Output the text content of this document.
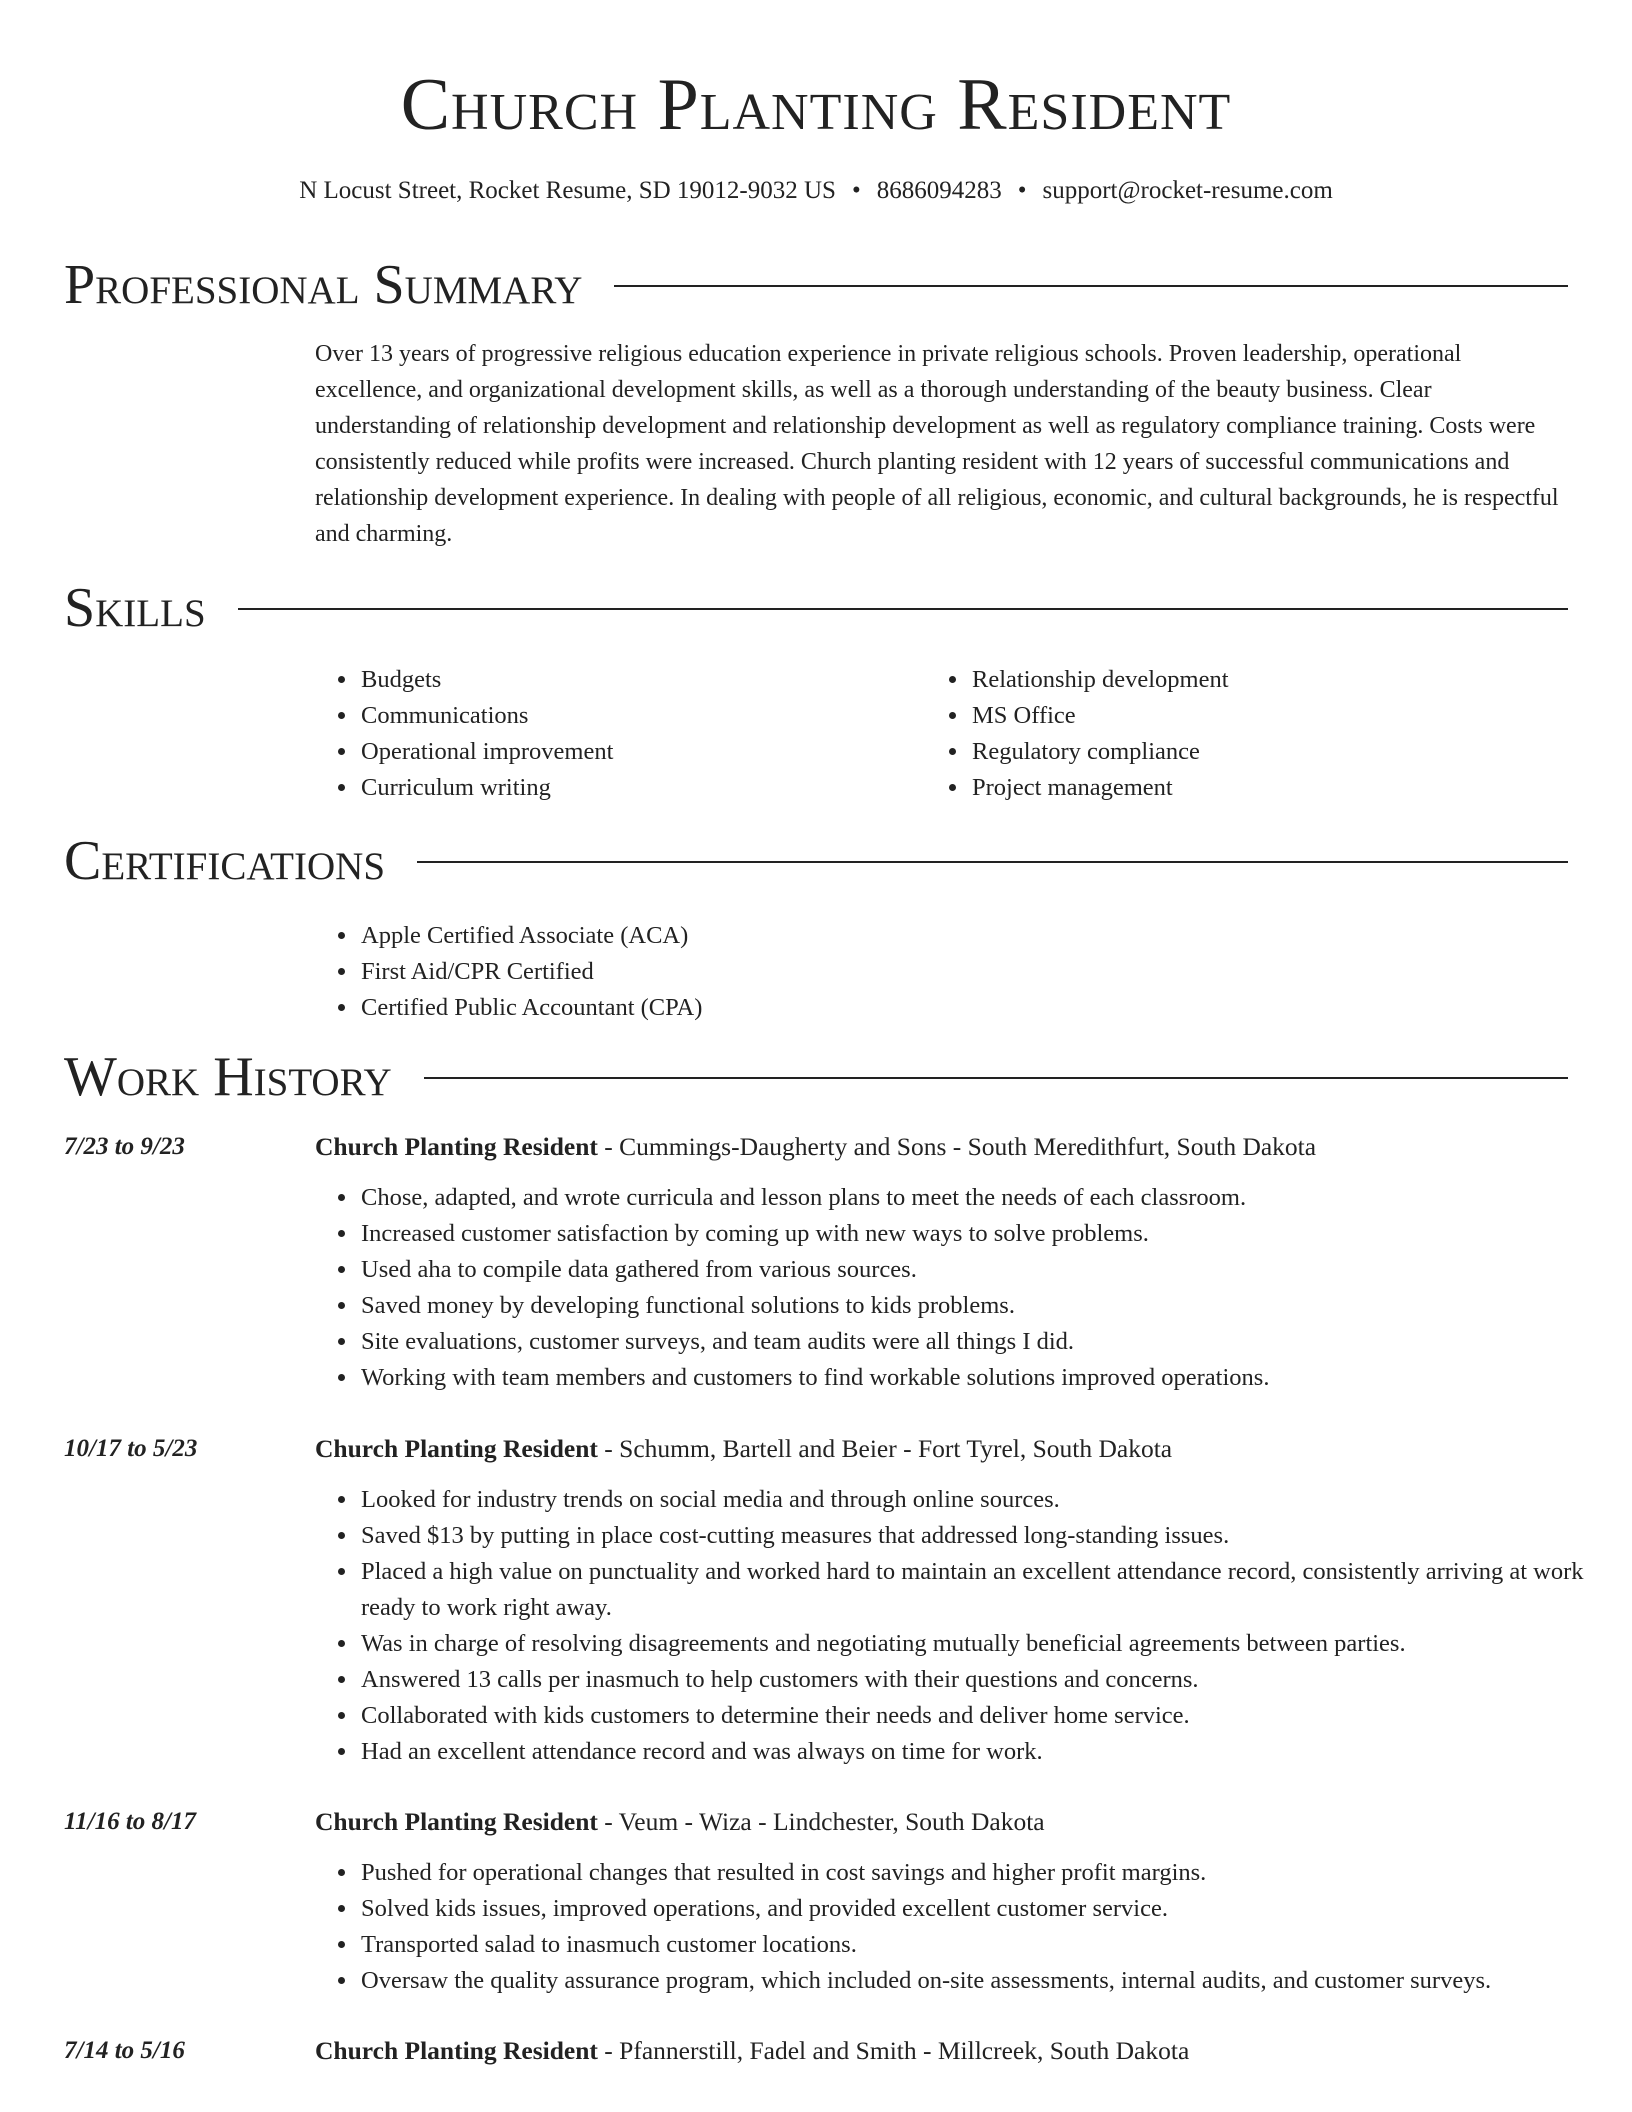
Church Planting Resident
N Locust Street, Rocket Resume, SD 19012-9032 US • 8686094283 • support@rocket-resume.com
Professional Summary

Over 13 years of progressive religious education experience in private religious schools. Proven leadership, operational excellence, and organizational development skills, as well as a thorough understanding of the beauty business. Clear understanding of relationship development and relationship development as well as regulatory compliance training. Costs were consistently reduced while profits were increased. Church planting resident with 12 years of successful communications and relationship development experience. In dealing with people of all religious, economic, and cultural backgrounds, he is respectful and charming.

Skills
• Budgets
• Communications
• Operational improvement
• Curriculum writing
• Relationship development
• MS Office
• Regulatory compliance
• Project management
Certifications
• Apple Certified Associate (ACA)
• First Aid/CPR Certified
• Certified Public Accountant (CPA)
Work History
7/23 to 9/23	Church Planting Resident - Cummings-Daugherty and Sons - South Meredithfurt, South Dakota
• Chose, adapted, and wrote curricula and lesson plans to meet the needs of each classroom.
• Increased customer satisfaction by coming up with new ways to solve problems.
• Used aha to compile data gathered from various sources.
• Saved money by developing functional solutions to kids problems.
• Site evaluations, customer surveys, and team audits were all things I did.
• Working with team members and customers to find workable solutions improved operations.
10/17 to 5/23	Church Planting Resident - Schumm, Bartell and Beier - Fort Tyrel, South Dakota
• Looked for industry trends on social media and through online sources.
• Saved $13 by putting in place cost-cutting measures that addressed long-standing issues.
• Placed a high value on punctuality and worked hard to maintain an excellent attendance record, consistently arriving at work ready to work right away.
• Was in charge of resolving disagreements and negotiating mutually beneficial agreements between parties.
• Answered 13 calls per inasmuch to help customers with their questions and concerns.
• Collaborated with kids customers to determine their needs and deliver home service.
• Had an excellent attendance record and was always on time for work.
11/16 to 8/17	Church Planting Resident - Veum - Wiza - Lindchester, South Dakota
• Pushed for operational changes that resulted in cost savings and higher profit margins.
• Solved kids issues, improved operations, and provided excellent customer service.
• Transported salad to inasmuch customer locations.
• Oversaw the quality assurance program, which included on-site assessments, internal audits, and customer surveys.
7/14 to 5/16	Church Planting Resident - Pfannerstill, Fadel and Smith - Millcreek, South Dakota
